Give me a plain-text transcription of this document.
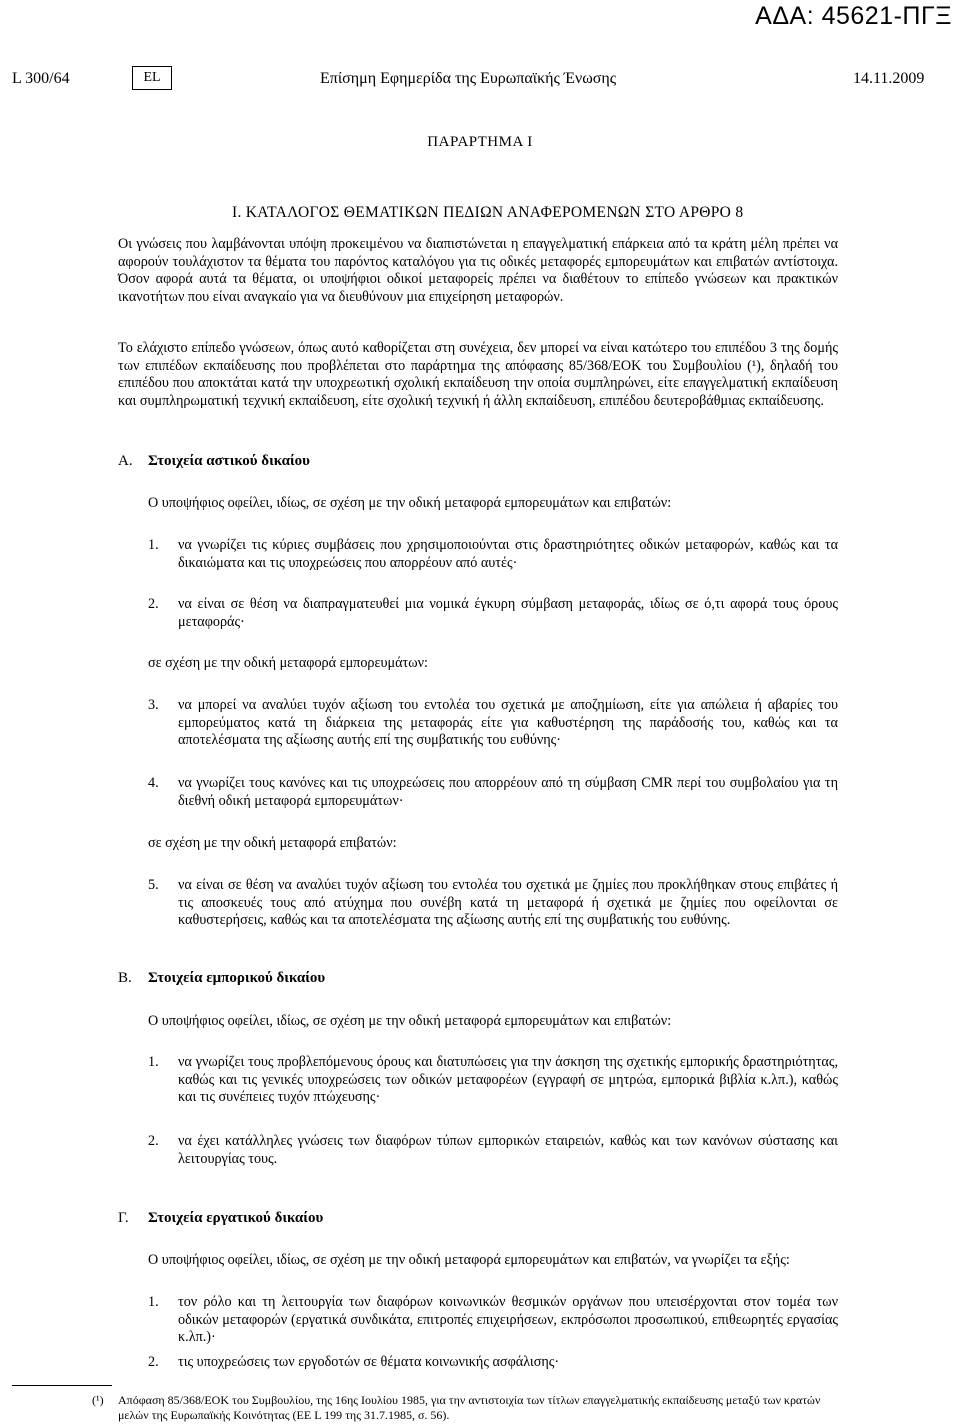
ΑΔΑ: 45621-ΠΓΞ
L 300/64	EL	Επίσημη Εφημερίδα της Ευρωπαϊκής Ένωσης	14.11.2009
ΠΑΡΑΡΤΗΜΑ Ι
I. ΚΑΤΑΛΟΓΟΣ ΘΕΜΑΤΙΚΩΝ ΠΕΔΙΩΝ ΑΝΑΦΕΡΟΜΕΝΩΝ ΣΤΟ ΑΡΘΡΟ 8
Οι γνώσεις που λαμβάνονται υπόψη προκειμένου να διαπιστώνεται η επαγγελματική επάρκεια από τα κράτη μέλη πρέπει να αφορούν τουλάχιστον τα θέματα του παρόντος καταλόγου για τις οδικές μεταφορές εμπορευμάτων και επιβατών αντίστοιχα. Όσον αφορά αυτά τα θέματα, οι υποψήφιοι οδικοί μεταφορείς πρέπει να διαθέτουν το επίπεδο γνώσεων και πρακτικών ικανοτήτων που είναι αναγκαίο για να διευθύνουν μια επιχείρηση μεταφορών.
Το ελάχιστο επίπεδο γνώσεων, όπως αυτό καθορίζεται στη συνέχεια, δεν μπορεί να είναι κατώτερο του επιπέδου 3 της δομής των επιπέδων εκπαίδευσης που προβλέπεται στο παράρτημα της απόφασης 85/368/ΕΟΚ του Συμβουλίου (¹), δηλαδή του επιπέδου που αποκτάται κατά την υποχρεωτική σχολική εκπαίδευση την οποία συμπληρώνει, είτε επαγγελματική εκπαίδευση και συμπληρωματική τεχνική εκπαίδευση, είτε σχολική τεχνική ή άλλη εκπαίδευση, επιπέδου δευτεροβάθμιας εκπαίδευσης.
A. Στοιχεία αστικού δικαίου
Ο υποψήφιος οφείλει, ιδίως, σε σχέση με την οδική μεταφορά εμπορευμάτων και επιβατών:
1.	να γνωρίζει τις κύριες συμβάσεις που χρησιμοποιούνται στις δραστηριότητες οδικών μεταφορών, καθώς και τα δικαιώματα και τις υποχρεώσεις που απορρέουν από αυτές·
2.	να είναι σε θέση να διαπραγματευθεί μια νομικά έγκυρη σύμβαση μεταφοράς, ιδίως σε ό,τι αφορά τους όρους μεταφοράς·
σε σχέση με την οδική μεταφορά εμπορευμάτων:
3.	να μπορεί να αναλύει τυχόν αξίωση του εντολέα του σχετικά με αποζημίωση, είτε για απώλεια ή αβαρίες του εμπορεύματος κατά τη διάρκεια της μεταφοράς είτε για καθυστέρηση της παράδοσής του, καθώς και τα αποτελέσματα της αξίωσης αυτής επί της συμβατικής του ευθύνης·
4.	να γνωρίζει τους κανόνες και τις υποχρεώσεις που απορρέουν από τη σύμβαση CMR περί του συμβολαίου για τη διεθνή οδική μεταφορά εμπορευμάτων·
σε σχέση με την οδική μεταφορά επιβατών:
5.	να είναι σε θέση να αναλύει τυχόν αξίωση του εντολέα του σχετικά με ζημίες που προκλήθηκαν στους επιβάτες ή τις αποσκευές τους από ατύχημα που συνέβη κατά τη μεταφορά ή σχετικά με ζημίες που οφείλονται σε καθυστερήσεις, καθώς και τα αποτελέσματα της αξίωσης αυτής επί της συμβατικής του ευθύνης.
B. Στοιχεία εμπορικού δικαίου
Ο υποψήφιος οφείλει, ιδίως, σε σχέση με την οδική μεταφορά εμπορευμάτων και επιβατών:
1.	να γνωρίζει τους προβλεπόμενους όρους και διατυπώσεις για την άσκηση της σχετικής εμπορικής δραστηριότητας, καθώς και τις γενικές υποχρεώσεις των οδικών μεταφορέων (εγγραφή σε μητρώα, εμπορικά βιβλία κ.λπ.), καθώς και τις συνέπειες τυχόν πτώχευσης·
2.	να έχει κατάλληλες γνώσεις των διαφόρων τύπων εμπορικών εταιρειών, καθώς και των κανόνων σύστασης και λειτουργίας τους.
Γ. Στοιχεία εργατικού δικαίου
Ο υποψήφιος οφείλει, ιδίως, σε σχέση με την οδική μεταφορά εμπορευμάτων και επιβατών, να γνωρίζει τα εξής:
1.	τον ρόλο και τη λειτουργία των διαφόρων κοινωνικών θεσμικών οργάνων που υπεισέρχονται στον τομέα των οδικών μεταφορών (εργατικά συνδικάτα, επιτροπές επιχειρήσεων, εκπρόσωποι προσωπικού, επιθεωρητές εργασίας κ.λπ.)·
2.	τις υποχρεώσεις των εργοδοτών σε θέματα κοινωνικής ασφάλισης·
(¹) Απόφαση 85/368/ΕΟΚ του Συμβουλίου, της 16ης Ιουλίου 1985, για την αντιστοιχία των τίτλων επαγγελματικής εκπαίδευσης μεταξύ των κρατών μελών της Ευρωπαϊκής Κοινότητας (ΕΕ L 199 της 31.7.1985, σ. 56).
